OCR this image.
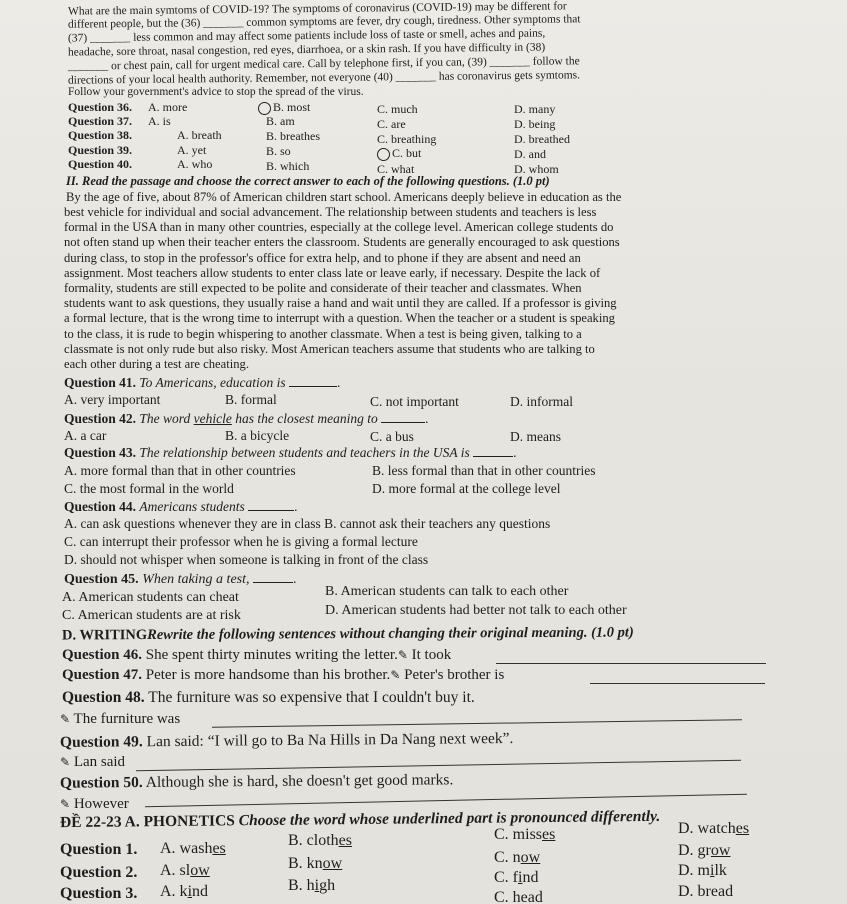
What are the main symtoms of COVID-19? The symptoms of coronavirus (COVID-19) may be different for
different people, but the (36) _______ common symptoms are fever, dry cough, tiredness. Other symptoms that
(37) _______ less common and may affect some patients include loss of taste or smell, aches and pains,
headache, sore throat, nasal congestion, red eyes, diarrhoea, or a skin rash. If you have difficulty in (38)
_______ or chest pain, call for urgent medical care. Call by telephone first, if you can, (39) _______ follow the
directions of your local health authority. Remember, not everyone (40) _______ has coronavirus gets symtoms.
Follow your government's advice to stop the spread of the virus.
Question 36. A. more	B. most	C. much	D. many
Question 37. A. is	B. am	C. are	D. being
Question 38.	A. breath	B. breathes	C. breathing	D. breathed
Question 39.	A. yet	B. so	C. but	D. and
Question 40.	A. who	B. which	C. what	D. whom
II. Read the passage and choose the correct answer to each of the following questions. (1.0 pt)
By the age of five, about 87% of American children start school. Americans deeply believe in education as the
best vehicle for individual and social advancement. The relationship between students and teachers is less
formal in the USA than in many other countries, especially at the college level. American college students do
not often stand up when their teacher enters the classroom. Students are generally encouraged to ask questions
during class, to stop in the professor's office for extra help, and to phone if they are absent and need an
assignment. Most teachers allow students to enter class late or leave early, if necessary. Despite the lack of
formality, students are still expected to be polite and considerate of their teacher and classmates. When
students want to ask questions, they usually raise a hand and wait until they are called. If a professor is giving
a formal lecture, that is the wrong time to interrupt with a question. When the teacher or a student is speaking
to the class, it is rude to begin whispering to another classmate. When a test is being given, talking to a
classmate is not only rude but also risky. Most American teachers assume that students who are talking to
each other during a test are cheating.
Question 41. To Americans, education is	.
A. very important	B. formal	C. not important	D. informal
Question 42. The word vehicle has the closest meaning to	.
A. a car	B. a bicycle	C. a bus	D. means
Question 43. The relationship between students and teachers in the USA is	.
A. more formal than that in other countries	B. less formal than that in other countries
C. the most formal in the world	D. more formal at the college level
Question 44. Americans students	.
A. can ask questions whenever they are in class B. cannot ask their teachers any questions
C. can interrupt their professor when he is giving a formal lecture
D. should not whisper when someone is talking in front of the class
Question 45. When taking a test,	.
A. American students can cheat	B. American students can talk to each other
C. American students are at risk	D. American students had better not talk to each other
D. WRITINGRewrite the following sentences without changing their original meaning. (1.0 pt)
Question 46. She spent thirty minutes writing the letter.✎ It took
Question 47. Peter is more handsome than his brother.✎ Peter's brother is
Question 48. The furniture was so expensive that I couldn't buy it.
✎ The furniture was
Question 49. Lan said: “I will go to Ba Na Hills in Da Nang next week”.
✎ Lan said
Question 50. Although she is hard, she doesn't get good marks.
✎ However
ĐỀ 22-23 A. PHONETICS Choose the word whose underlined part is pronounced differently.
Question 1. A. washes	B. clothes	C. misses	D. watches
Question 2. A. slow	B. know	C. now	D. grow
Question 3. A. kind	B. high	C. find	D. milk
C. head	D. bread
